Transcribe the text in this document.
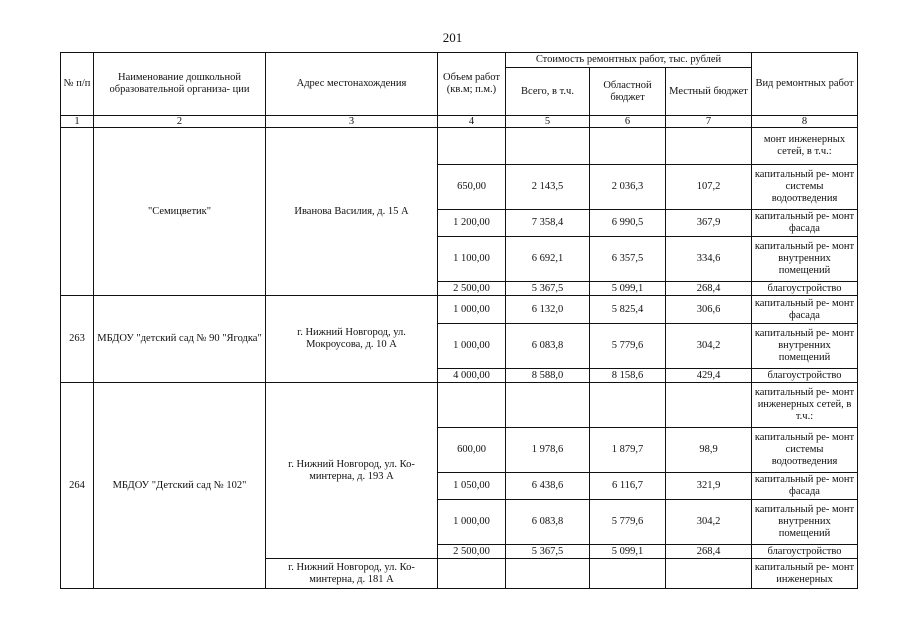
201
№ п/п	Наименование дошкольной образовательной организа- ции	Адрес местонахождения	Объем работ (кв.м; п.м.)	Стоимость ремонтных работ, тыс. рублей			Вид ремонтных работ
				Всего, в т.ч.	Областной бюджет	Местный бюджет	
1	2	3	4	5	6	7	8
	"Семицветик"	Иванова Василия, д. 15 А					монт инженерных сетей, в т.ч.:
			650,00	2 143,5	2 036,3	107,2	капитальный ре- монт системы водоотведения
			1 200,00	7 358,4	6 990,5	367,9	капитальный ре- монт фасада
			1 100,00	6 692,1	6 357,5	334,6	капитальный ре- монт внутренних помещений
			2 500,00	5 367,5	5 099,1	268,4	благоустройство
263	МБДОУ "детский сад № 90 "Ягодка"	г. Нижний Новгород, ул. Мокроусова, д. 10 А	1 000,00	6 132,0	5 825,4	306,6	капитальный ре- монт фасада
			1 000,00	6 083,8	5 779,6	304,2	капитальный ре- монт внутренних помещений
			4 000,00	8 588,0	8 158,6	429,4	благоустройство
264	МБДОУ "Детский сад № 102"	г. Нижний Новгород, ул. Ко- минтерна, д. 193 А					капитальный ре- монт инженерных сетей, в т.ч.:
			600,00	1 978,6	1 879,7	98,9	капитальный ре- монт системы водоотведения
			1 050,00	6 438,6	6 116,7	321,9	капитальный ре- монт фасада
			1 000,00	6 083,8	5 779,6	304,2	капитальный ре- монт внутренних помещений
			2 500,00	5 367,5	5 099,1	268,4	благоустройство
		г. Нижний Новгород, ул. Ко- минтерна, д. 181 А					капитальный ре- монт инженерных
